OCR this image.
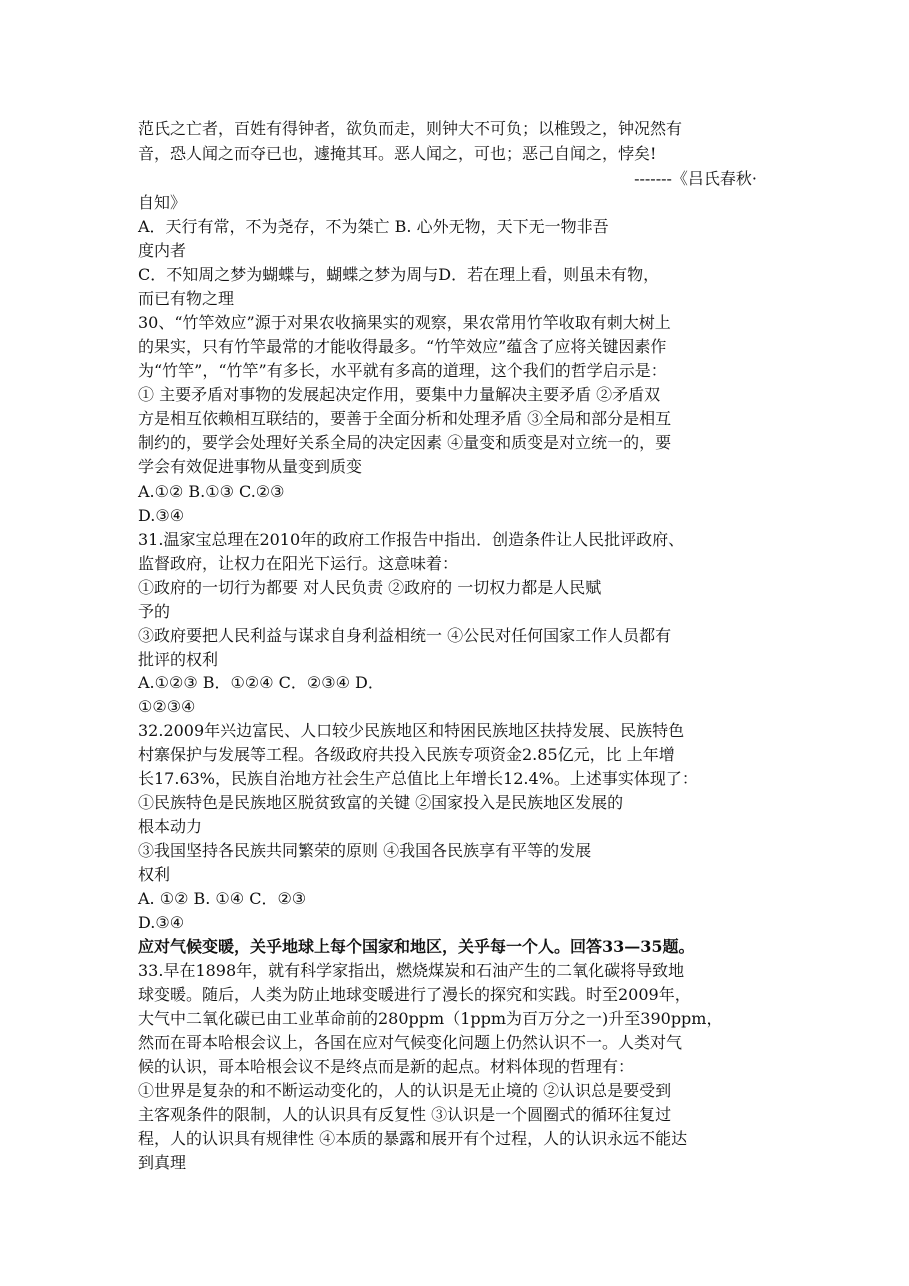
范氏之亡者，百姓有得钟者，欲负而走，则钟大不可负；以椎毁之，钟况然有
音，恐人闻之而夺已也，遽掩其耳。恶人闻之，可也；恶己自闻之，悖矣!
-------《吕氏春秋·
自知》
A．天行有常，不为尧存，不为桀亡 B. 心外无物，天下无一物非吾
度内者
C．不知周之梦为蝴蝶与，蝴蝶之梦为周与D．若在理上看，则虽未有物，
而已有物之理
30、“竹竿效应”源于对果农收摘果实的观察，果农常用竹竿收取有刺大树上
的果实，只有竹竿最常的才能收得最多。“竹竿效应”蕴含了应将关键因素作
为“竹竿”，“竹竿”有多长，水平就有多高的道理，这个我们的哲学启示是：
① 主要矛盾对事物的发展起决定作用，要集中力量解决主要矛盾 ②矛盾双
方是相互依赖相互联结的，要善于全面分析和处理矛盾 ③全局和部分是相互
制约的，要学会处理好关系全局的决定因素 ④量变和质变是对立统一的，要
学会有效促进事物从量变到质变
A.①② B.①③ C.②③
D.③④
31.温家宝总理在2010年的政府工作报告中指出．创造条件让人民批评政府、
监督政府，让权力在阳光下运行。这意味着：
①政府的一切行为都要 对人民负责 ②政府的 一切权力都是人民赋
予的
③政府要把人民利益与谋求自身利益相统一 ④公民对任何国家工作人员都有
批评的权利
A.①②③ B．①②④ C．②③④ D．
①②③④
32.2009年兴边富民、人口较少民族地区和特困民族地区扶持发展、民族特色
村寨保护与发展等工程。各级政府共投入民族专项资金2.85亿元，比 上年增
长17.63%，民族自治地方社会生产总值比上年增长12.4%。上述事实体现了：
①民族特色是民族地区脱贫致富的关键 ②国家投入是民族地区发展的
根本动力
③我国坚持各民族共同繁荣的原则 ④我国各民族享有平等的发展
权利
A. ①② B. ①④ C．②③
D.③④
应对气候变暖，关乎地球上每个国家和地区，关乎每一个人。回答33—35题。
33.早在1898年，就有科学家指出，燃烧煤炭和石油产生的二氧化碳将导致地
球变暖。随后，人类为防止地球变暖进行了漫长的探究和实践。时至2009年，
大气中二氧化碳已由工业革命前的280ppm（1ppm为百万分之一)升至390ppm，
然而在哥本哈根会议上，各国在应对气候变化问题上仍然认识不一。人类对气
候的认识，哥本哈根会议不是终点而是新的起点。材料体现的哲理有：
①世界是复杂的和不断运动变化的，人的认识是无止境的 ②认识总是要受到
主客观条件的限制，人的认识具有反复性 ③认识是一个圆圈式的循环往复过
程，人的认识具有规律性 ④本质的暴露和展开有个过程，人的认识永远不能达
到真理
